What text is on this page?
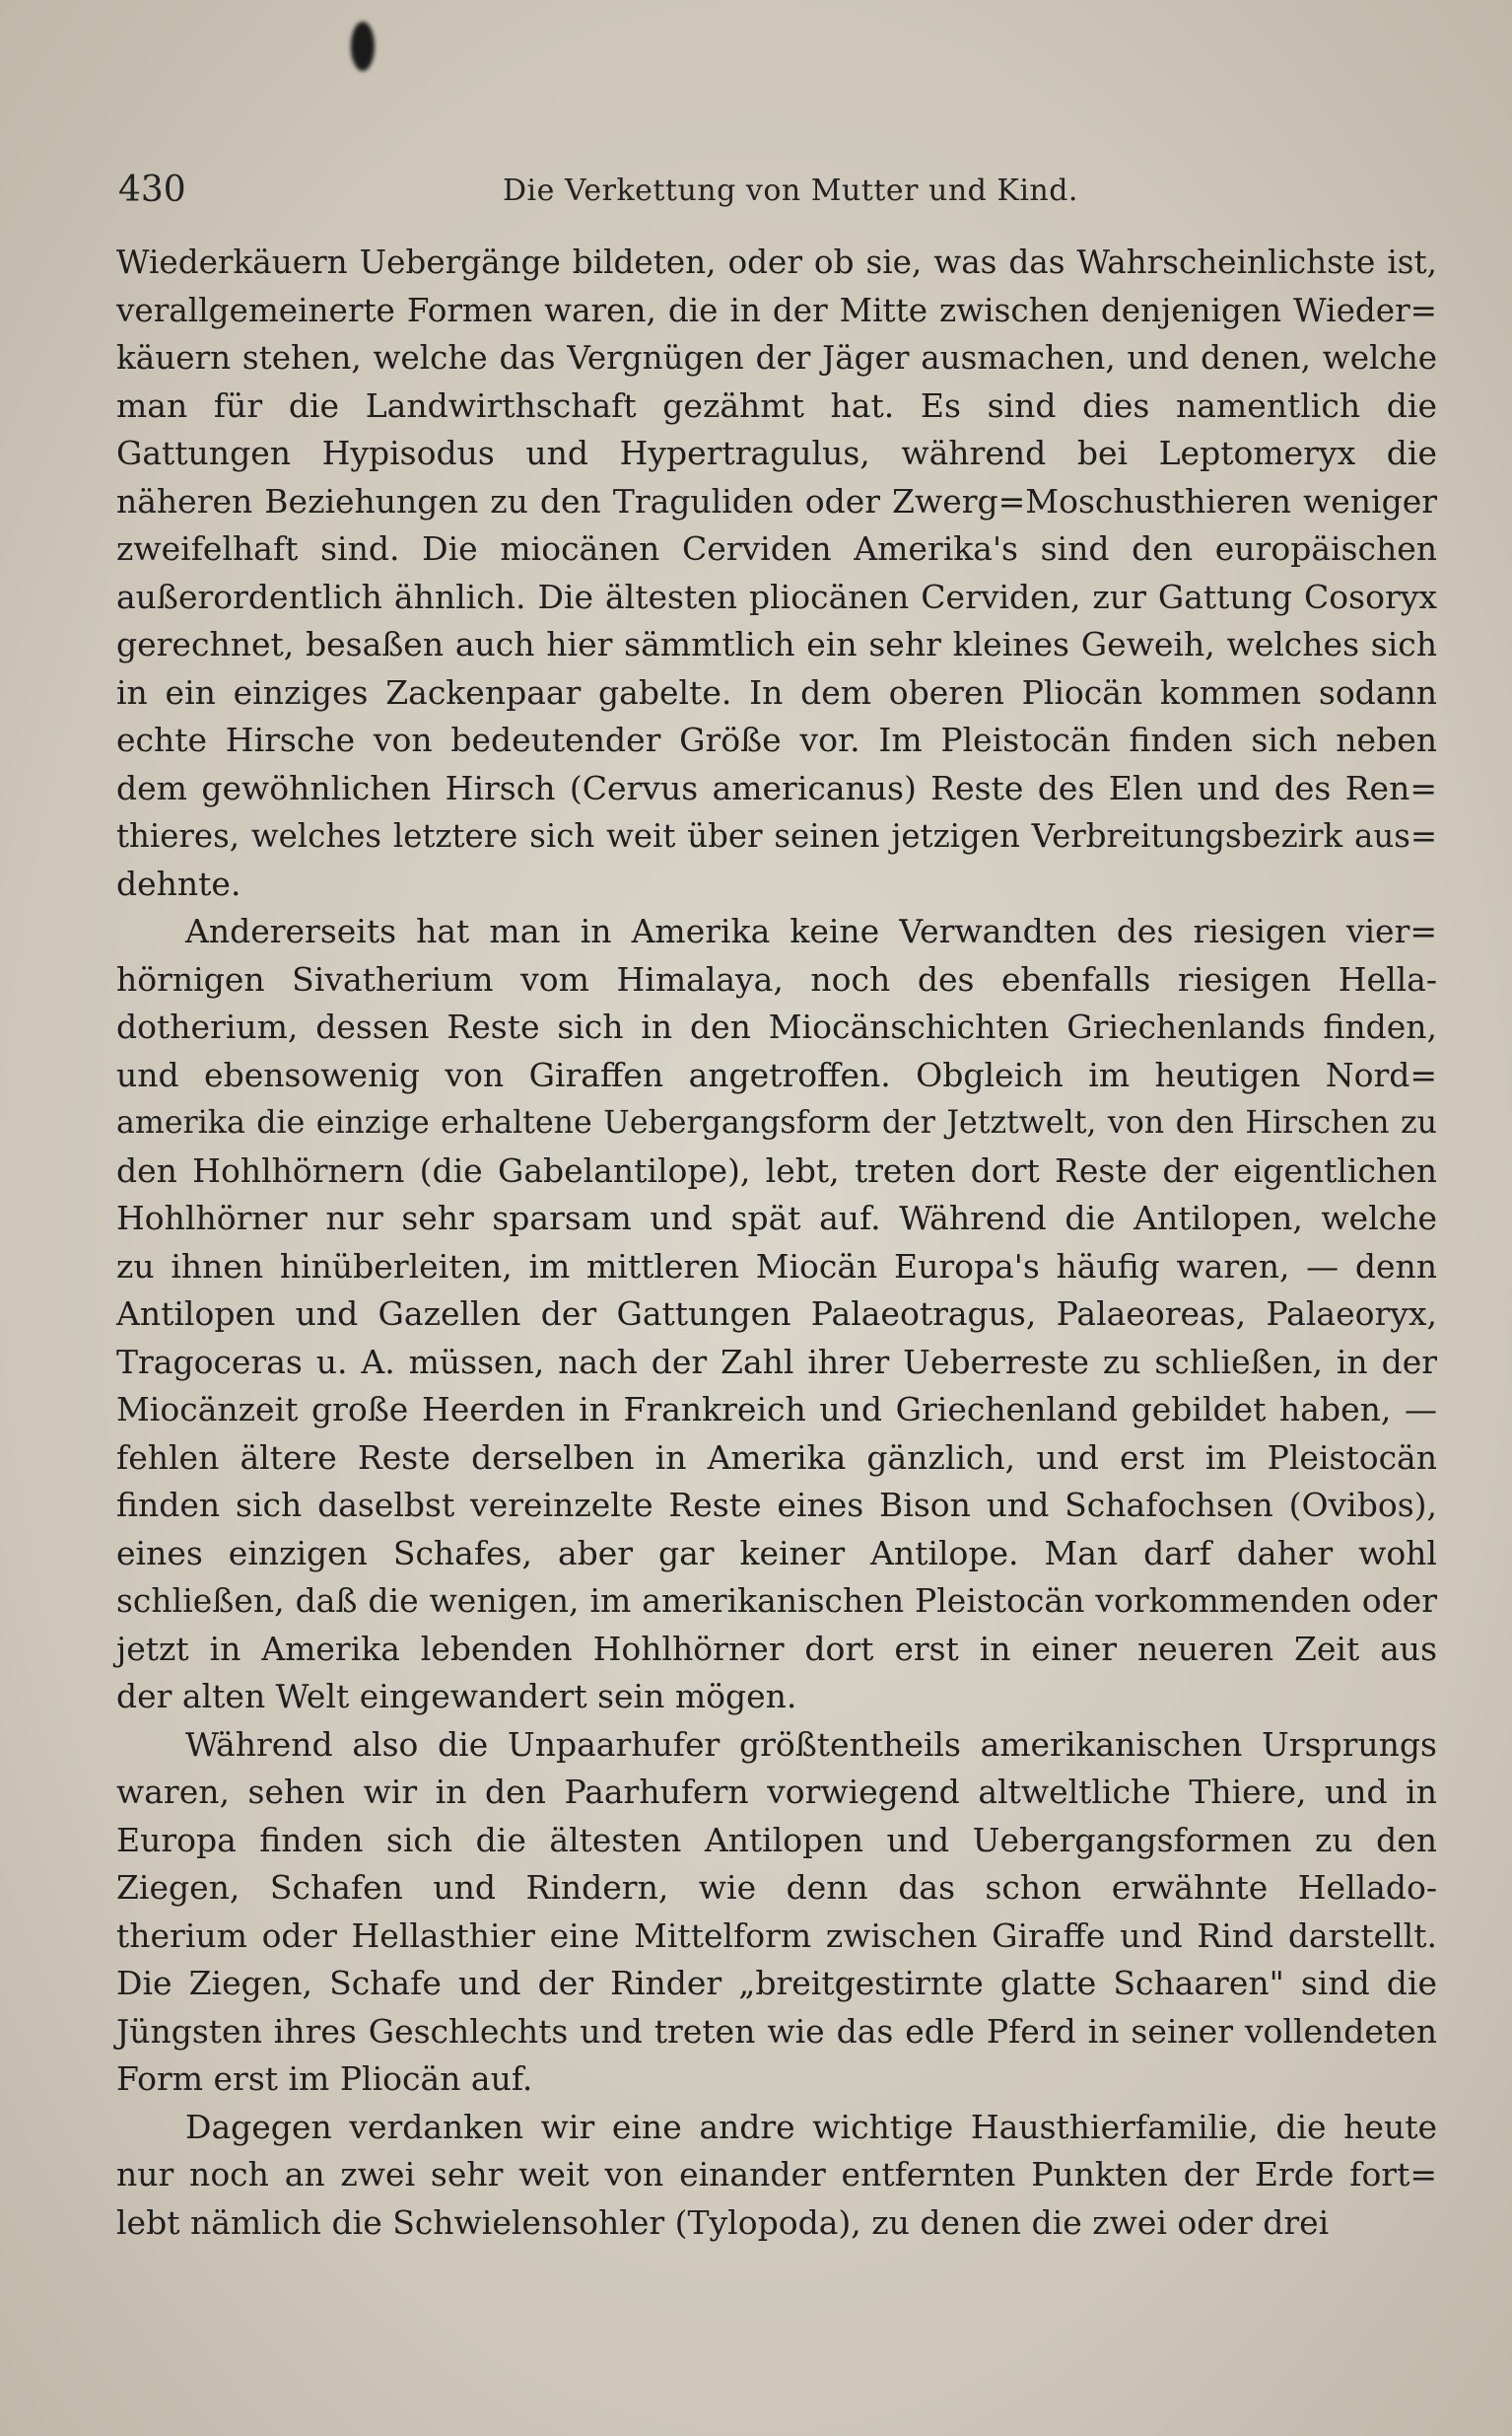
430	Die Verkettung von Mutter und Kind.

Wiederkäuern Uebergänge bildeten, oder ob sie, was das Wahrscheinlichste ist,
verallgemeinerte Formen waren, die in der Mitte zwischen denjenigen Wieder=
käuern stehen, welche das Vergnügen der Jäger ausmachen, und denen, welche
man für die Landwirthschaft gezähmt hat. Es sind dies namentlich die
Gattungen Hypisodus und Hypertragulus, während bei Leptomeryx die
näheren Beziehungen zu den Traguliden oder Zwerg=Moschusthieren weniger
zweifelhaft sind. Die miocänen Cerviden Amerika's sind den europäischen
außerordentlich ähnlich. Die ältesten pliocänen Cerviden, zur Gattung Cosoryx
gerechnet, besaßen auch hier sämmtlich ein sehr kleines Geweih, welches sich
in ein einziges Zackenpaar gabelte. In dem oberen Pliocän kommen sodann
echte Hirsche von bedeutender Größe vor. Im Pleistocän finden sich neben
dem gewöhnlichen Hirsch (Cervus americanus) Reste des Elen und des Ren=
thieres, welches letztere sich weit über seinen jetzigen Verbreitungsbezirk aus=
dehnte.

Andererseits hat man in Amerika keine Verwandten des riesigen vier=
hörnigen Sivatherium vom Himalaya, noch des ebenfalls riesigen Hella-
dotherium, dessen Reste sich in den Miocänschichten Griechenlands finden,
und ebensowenig von Giraffen angetroffen. Obgleich im heutigen Nord=
amerika die einzige erhaltene Uebergangsform der Jetztwelt, von den Hirschen zu
den Hohlhörnern (die Gabelantilope), lebt, treten dort Reste der eigentlichen
Hohlhörner nur sehr sparsam und spät auf. Während die Antilopen, welche
zu ihnen hinüberleiten, im mittleren Miocän Europa's häufig waren, — denn
Antilopen und Gazellen der Gattungen Palaeotragus, Palaeoreas, Palaeoryx,
Tragoceras u. A. müssen, nach der Zahl ihrer Ueberreste zu schließen, in der
Miocänzeit große Heerden in Frankreich und Griechenland gebildet haben, —
fehlen ältere Reste derselben in Amerika gänzlich, und erst im Pleistocän
finden sich daselbst vereinzelte Reste eines Bison und Schafochsen (Ovibos),
eines einzigen Schafes, aber gar keiner Antilope. Man darf daher wohl
schließen, daß die wenigen, im amerikanischen Pleistocän vorkommenden oder
jetzt in Amerika lebenden Hohlhörner dort erst in einer neueren Zeit aus
der alten Welt eingewandert sein mögen.

Während also die Unpaarhufer größtentheils amerikanischen Ursprungs
waren, sehen wir in den Paarhufern vorwiegend altweltliche Thiere, und in
Europa finden sich die ältesten Antilopen und Uebergangsformen zu den
Ziegen, Schafen und Rindern, wie denn das schon erwähnte Hellado-
therium oder Hellasthier eine Mittelform zwischen Giraffe und Rind darstellt.
Die Ziegen, Schafe und der Rinder „breitgestirnte glatte Schaaren" sind die
Jüngsten ihres Geschlechts und treten wie das edle Pferd in seiner vollendeten
Form erst im Pliocän auf.

Dagegen verdanken wir eine andre wichtige Hausthierfamilie, die heute
nur noch an zwei sehr weit von einander entfernten Punkten der Erde fort=
lebt nämlich die Schwielensohler (Tylopoda), zu denen die zwei oder drei
